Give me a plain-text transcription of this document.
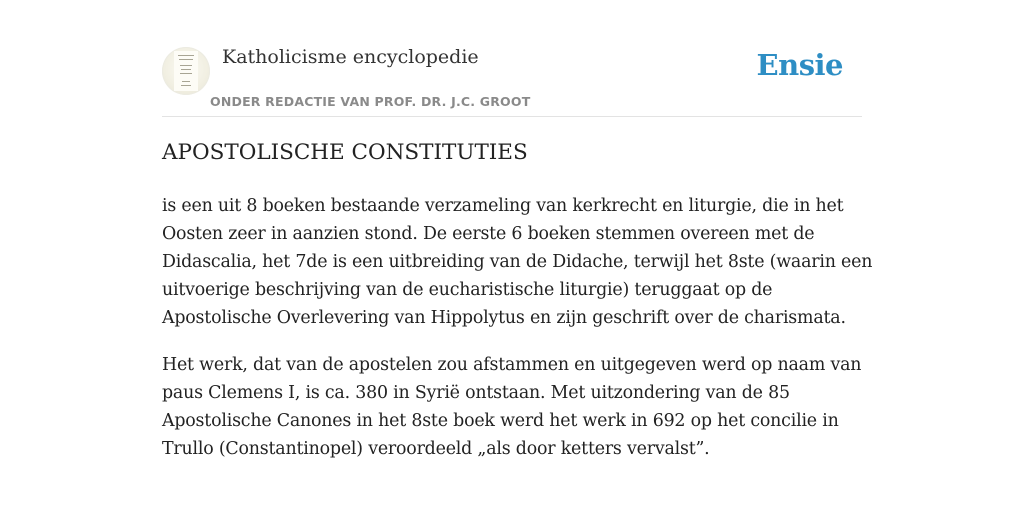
Katholicisme encyclopedie
ONDER REDACTIE VAN PROF. DR. J.C. GROOT
Ensie
APOSTOLISCHE CONSTITUTIES

is een uit 8 boeken bestaande verzameling van kerkrecht en liturgie, die in het Oosten zeer in aanzien stond. De eerste 6 boeken stemmen overeen met de Didascalia, het 7de is een uitbreiding van de Didache, terwijl het 8ste (waarin een uitvoerige beschrijving van de eucharistische liturgie) teruggaat op de Apostolische Overlevering van Hippolytus en zijn geschrift over de charismata.

Het werk, dat van de apostelen zou afstammen en uitgegeven werd op naam van paus Clemens I, is ca. 380 in Syrië ontstaan. Met uitzondering van de 85 Apostolische Canones in het 8ste boek werd het werk in 692 op het concilie in Trullo (Constantinopel) veroordeeld „als door ketters vervalst”.
